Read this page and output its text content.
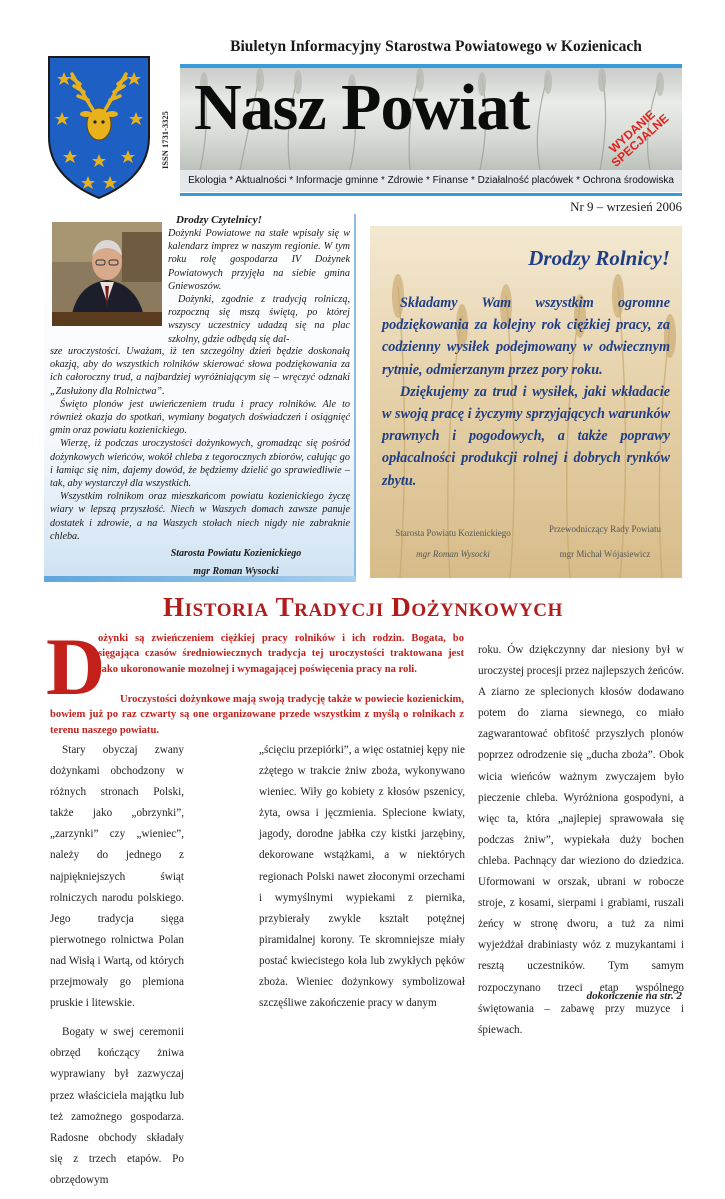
ISSN 1731-3325
Biuletyn Informacyjny Starostwa Powiatowego w Kozienicach
Nasz Powiat	WYDANIE SPECJALNE
Ekologia * Aktualności * Informacje gminne * Zdrowie * Finanse * Działalność placówek * Ochrona środowiska
Nr 9 – wrzesień 2006
Drodzy Czytelnicy!

Dożynki Powiatowe na stałe wpisały się w kalendarz imprez w naszym regionie. W tym roku rolę gospodarza IV Dożynek Powiatowych przyjęła na siebie gmina Gniewoszów.

Dożynki, zgodnie z tradycją rolniczą, rozpoczną się mszą świętą, po której wszyscy uczestnicy udadzą się na plac szkolny, gdzie odbędą się dal-

sze uroczystości. Uważam, iż ten szczególny dzień będzie doskonałą okazją, aby do wszystkich rolników skierować słowa podziękowania za ich całoroczny trud, a najbardziej wyróżniającym się – wręczyć odznaki „Zasłużony dla Rolnictwa”.

Święto plonów jest uwieńczeniem trudu i pracy rolników. Ale to również okazja do spotkań, wymiany bogatych doświadczeń i osiągnięć gmin oraz powiatu kozienickiego.

Wierzę, iż podczas uroczystości dożynkowych, gromadząc się pośród dożynkowych wieńców, wokół chleba z tegorocznych zbiorów, całując go i łamiąc się nim, dajemy dowód, że będziemy dzielić go sprawiedliwie – tak, aby wystarczył dla wszystkich.

Wszystkim rolnikom oraz mieszkańcom powiatu kozienickiego życzę wiary w lepszą przyszłość. Niech w Waszych domach zawsze panuje dostatek i zdrowie, a na Waszych stołach niech nigdy nie zabraknie chleba.

Starosta Powiatu Kozienickiego
mgr Roman Wysocki
Drodzy Rolnicy!

Składamy Wam wszystkim ogromne podziękowania za kolejny rok ciężkiej pracy, za codzienny wysiłek podejmowany w odwiecznym rytmie, odmierzanym przez pory roku.

Dziękujemy za trud i wysiłek, jaki wkładacie w swoją pracę i życzymy sprzyjających warunków prawnych i pogodowych, a także poprawy opłacalności produkcji rolnej i dobrych rynków zbytu.

Starosta Powiatu Kozienickiego
mgr Roman Wysocki
Przewodniczący Rady Powiatu
mgr Michał Wójasiewicz
Historia Tradycji Dożynkowych
D
ożynki są zwieńczeniem ciężkiej pracy rolników i ich rodzin. Bogata, bo sięgająca czasów średniowiecznych tradycja tej uroczystości traktowana jest jako ukoronowanie mozolnej i wymagającej poświęcenia pracy na roli.
Uroczystości dożynkowe mają swoją tradycję także w powiecie kozienickim, bowiem już po raz czwarty są one organizowane przede wszystkim z myślą o rolnikach z terenu naszego powiatu.

Stary obyczaj zwany dożynkami obchodzony w różnych stronach Polski, także jako „obrzynki”, „zarzynki” czy „wieniec”, należy do jednego z najpiękniejszych świąt rolniczych narodu polskiego. Jego tradycja sięga pierwotnego rolnictwa Polan nad Wisłą i Wartą, od których przejmowały go plemiona pruskie i litewskie.

Bogaty w swej ceremonii obrzęd kończący żniwa wyprawiany był zazwyczaj przez właściciela majątku lub też zamożnego gospodarza. Radosne obchody składały się z trzech etapów. Po obrzędowym

„ścięciu przepiórki”, a więc ostatniej kępy nie zżętego w trakcie żniw zboża, wykonywano wieniec. Wiły go kobiety z kłosów pszenicy, żyta, owsa i jęczmienia. Splecione kwiaty, jagody, dorodne jabłka czy kistki jarzębiny, dekorowane wstążkami, a w niektórych regionach Polski nawet złoconymi orzechami i wymyślnymi wypiekami z piernika, przybierały zwykle kształt potężnej piramidalnej korony. Te skromniejsze miały postać kwiecistego koła lub zwykłych pęków zboża. Wieniec dożynkowy symbolizował szczęśliwe zakończenie pracy w danym

roku. Ów dziękczynny dar niesiony był w uroczystej procesji przez najlepszych żeńców. A ziarno ze splecionych kłosów dodawano potem do ziarna siewnego, co miało zagwarantować obfitość przyszłych plonów poprzez odrodzenie się „ducha zboża”. Obok wicia wieńców ważnym zwyczajem było pieczenie chleba. Wyróżniona gospodyni, a więc ta, która „najlepiej sprawowała się podczas żniw”, wypiekała duży bochen chleba. Pachnący dar wieziono do dziedzica. Uformowani w orszak, ubrani w robocze stroje, z kosami, sierpami i grabiami, ruszali żeńcy w stronę dworu, a tuż za nimi wyjeżdżał drabiniasty wóz z muzykantami i resztą uczestników. Tym samym rozpoczynano trzeci etap wspólnego świętowania – zabawę przy muzyce i śpiewach.

dokończenie na str. 2
